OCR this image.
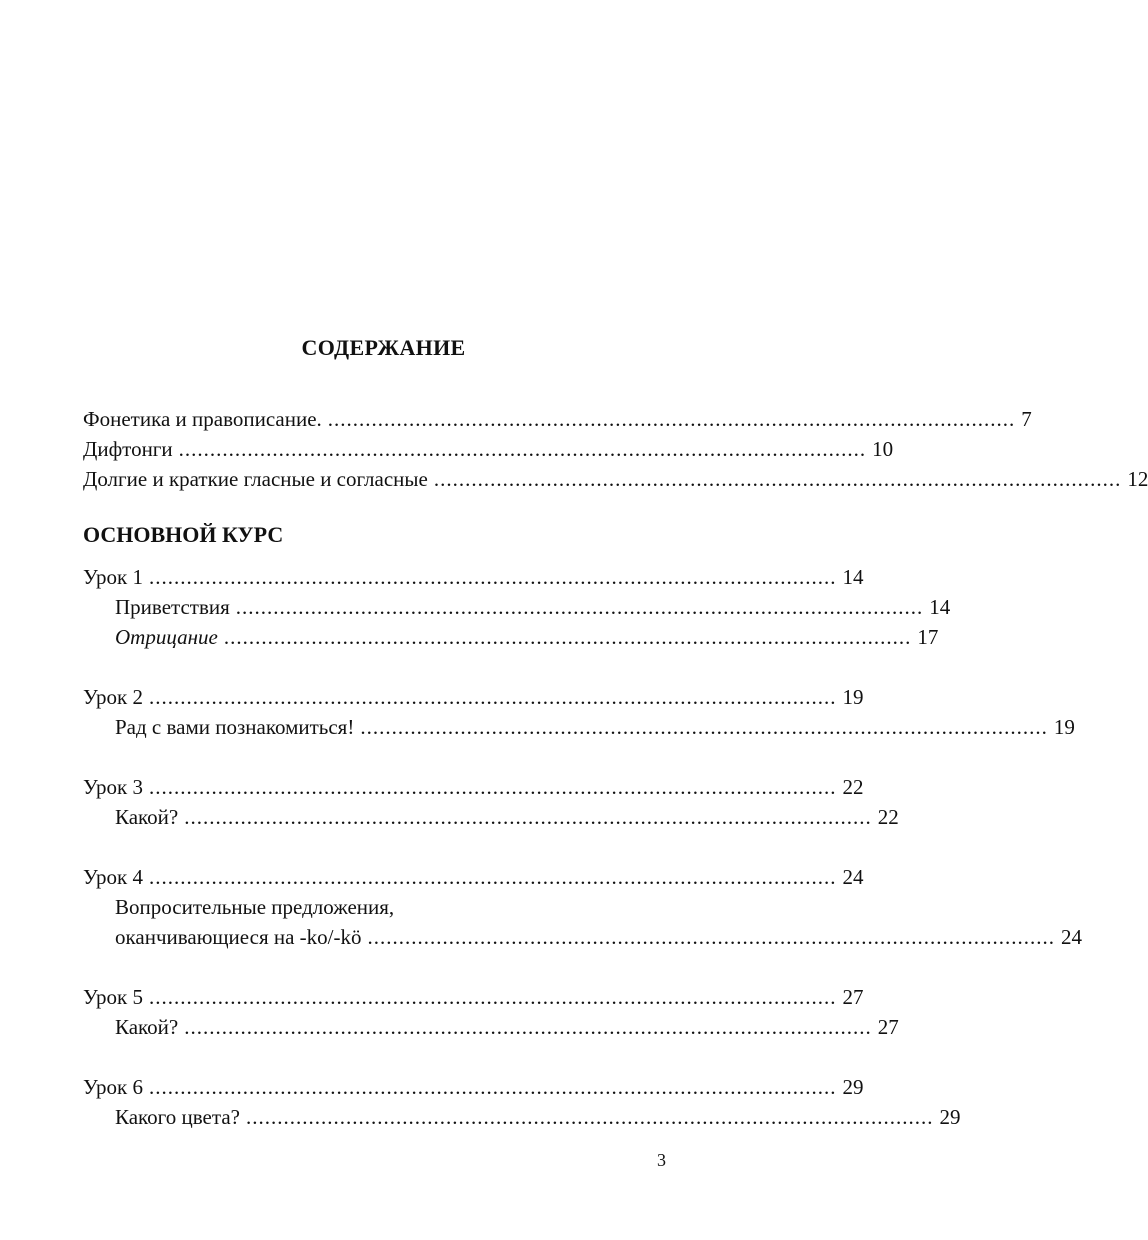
СОДЕРЖАНИЕ
Фонетика и правописание. .............................................................................................................. 7
Дифтонги .............................................................................................................. 10
Долгие и краткие гласные и согласные .............................................................................................................. 12
ОСНОВНОЙ КУРС
Урок 1 .............................................................................................................. 14
Приветствия .............................................................................................................. 14
Отрицание .............................................................................................................. 17
Урок 2 .............................................................................................................. 19
Рад с вами познакомиться! .............................................................................................................. 19
Урок 3 .............................................................................................................. 22
Какой? .............................................................................................................. 22
Урок 4 .............................................................................................................. 24
Вопросительные предложения,
оканчивающиеся на -ko/-kö .............................................................................................................. 24
Урок 5 .............................................................................................................. 27
Какой? .............................................................................................................. 27
Урок 6 .............................................................................................................. 29
Какого цвета? .............................................................................................................. 29
3
